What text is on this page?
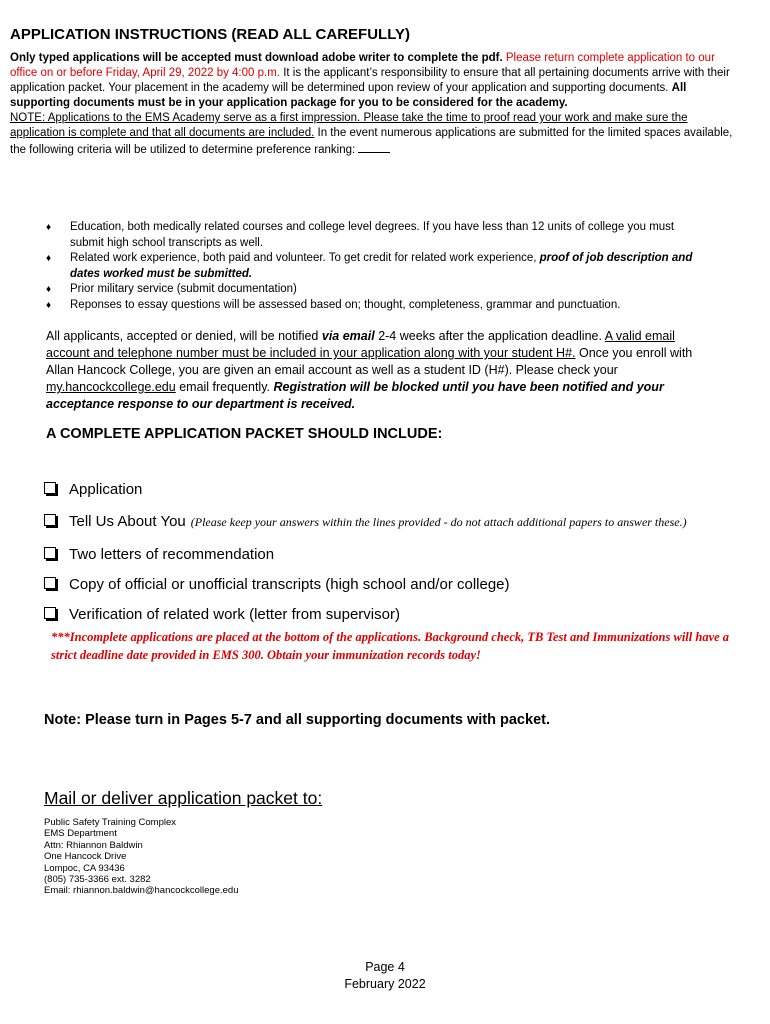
APPLICATION INSTRUCTIONS (READ ALL CAREFULLY)
Only typed applications will be accepted must download adobe writer to complete the pdf. Please return complete application to our office on or before Friday, April 29, 2022 by 4:00 p.m. It is the applicant’s responsibility to ensure that all pertaining documents arrive with their application packet. Your placement in the academy will be determined upon review of your application and supporting documents. All supporting documents must be in your application package for you to be considered for the academy.
NOTE: Applications to the EMS Academy serve as a first impression. Please take the time to proof read your work and make sure the application is complete and that all documents are included. In the event numerous applications are submitted for the limited spaces available, the following criteria will be utilized to determine preference ranking:
♦	Education, both medically related courses and college level degrees. If you have less than 12 units of college you must submit high school transcripts as well.
♦	Related work experience, both paid and volunteer. To get credit for related work experience, proof of job description and dates worked must be submitted.
♦	Prior military service (submit documentation)
♦	Reponses to essay questions will be assessed based on; thought, completeness, grammar and punctuation.
All applicants, accepted or denied, will be notified via email 2-4 weeks after the application deadline. A valid email account and telephone number must be included in your application along with your student H#. Once you enroll with Allan Hancock College, you are given an email account as well as a student ID (H#). Please check your my.hancockcollege.edu email frequently. Registration will be blocked until you have been notified and your acceptance response to our department is received.
A COMPLETE APPLICATION PACKET SHOULD INCLUDE:
Application
Tell Us About You (Please keep your answers within the lines provided - do not attach additional papers to answer these.)
Two letters of recommendation
Copy of official or unofficial transcripts (high school and/or college)
Verification of related work (letter from supervisor)
***Incomplete applications are placed at the bottom of the applications. Background check, TB Test and Immunizations will have a strict deadline date provided in EMS 300. Obtain your immunization records today!
Note: Please turn in Pages 5-7 and all supporting documents with packet.
Mail or deliver application packet to:
Public Safety Training Complex
EMS Department
Attn: Rhiannon Baldwin
One Hancock Drive
Lompoc, CA 93436
(805) 735-3366 ext. 3282
Email: rhiannon.baldwin@hancockcollege.edu
Page 4
February 2022
